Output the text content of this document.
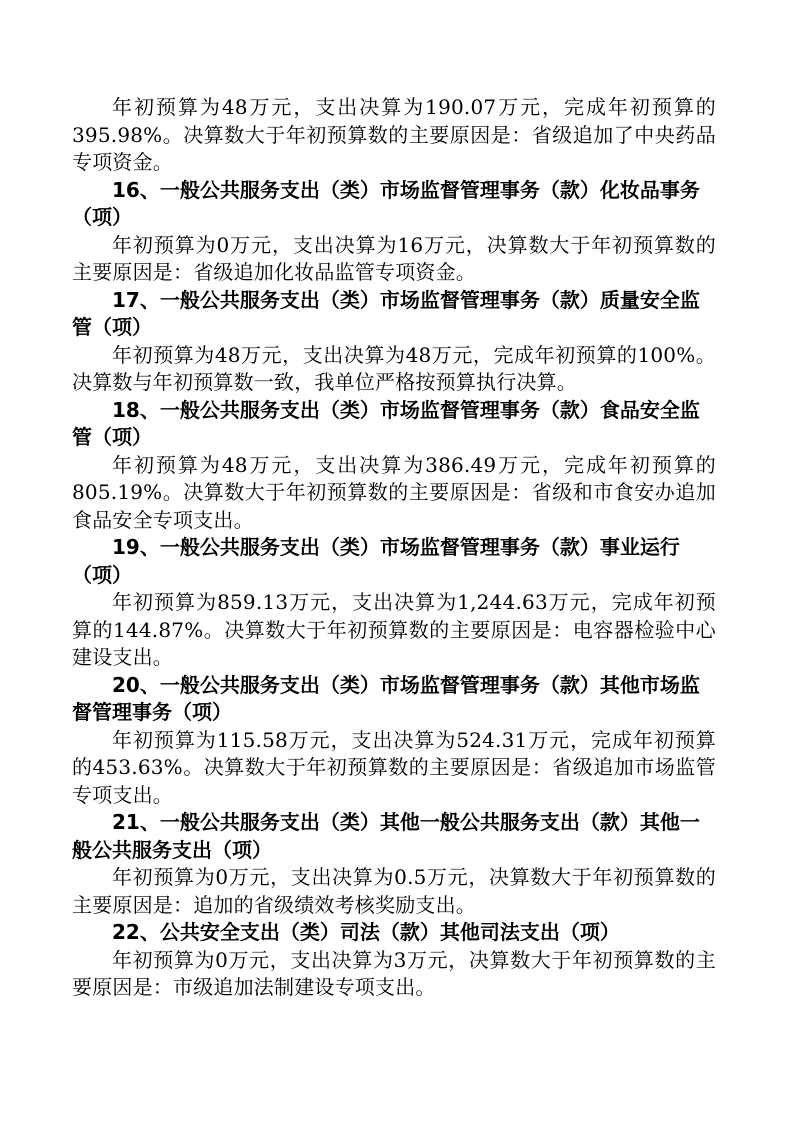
年初预算为48万元，支出决算为190.07万元，完成年初预算的395.98%。决算数大于年初预算数的主要原因是：省级追加了中央药品专项资金。

16、一般公共服务支出（类）市场监督管理事务（款）化妆品事务（项）

年初预算为0万元，支出决算为16万元，决算数大于年初预算数的主要原因是：省级追加化妆品监管专项资金。

17、一般公共服务支出（类）市场监督管理事务（款）质量安全监管（项）

年初预算为48万元，支出决算为48万元，完成年初预算的100%。决算数与年初预算数一致，我单位严格按预算执行决算。

18、一般公共服务支出（类）市场监督管理事务（款）食品安全监管（项）

年初预算为48万元，支出决算为386.49万元，完成年初预算的805.19%。决算数大于年初预算数的主要原因是：省级和市食安办追加食品安全专项支出。

19、一般公共服务支出（类）市场监督管理事务（款）事业运行（项）

年初预算为859.13万元，支出决算为1,244.63万元，完成年初预算的144.87%。决算数大于年初预算数的主要原因是：电容器检验中心建设支出。

20、一般公共服务支出（类）市场监督管理事务（款）其他市场监督管理事务（项）

年初预算为115.58万元，支出决算为524.31万元，完成年初预算的453.63%。决算数大于年初预算数的主要原因是：省级追加市场监管专项支出。

21、一般公共服务支出（类）其他一般公共服务支出（款）其他一般公共服务支出（项）

年初预算为0万元，支出决算为0.5万元，决算数大于年初预算数的主要原因是：追加的省级绩效考核奖励支出。

22、公共安全支出（类）司法（款）其他司法支出（项）

年初预算为0万元，支出决算为3万元，决算数大于年初预算数的主要原因是：市级追加法制建设专项支出。
